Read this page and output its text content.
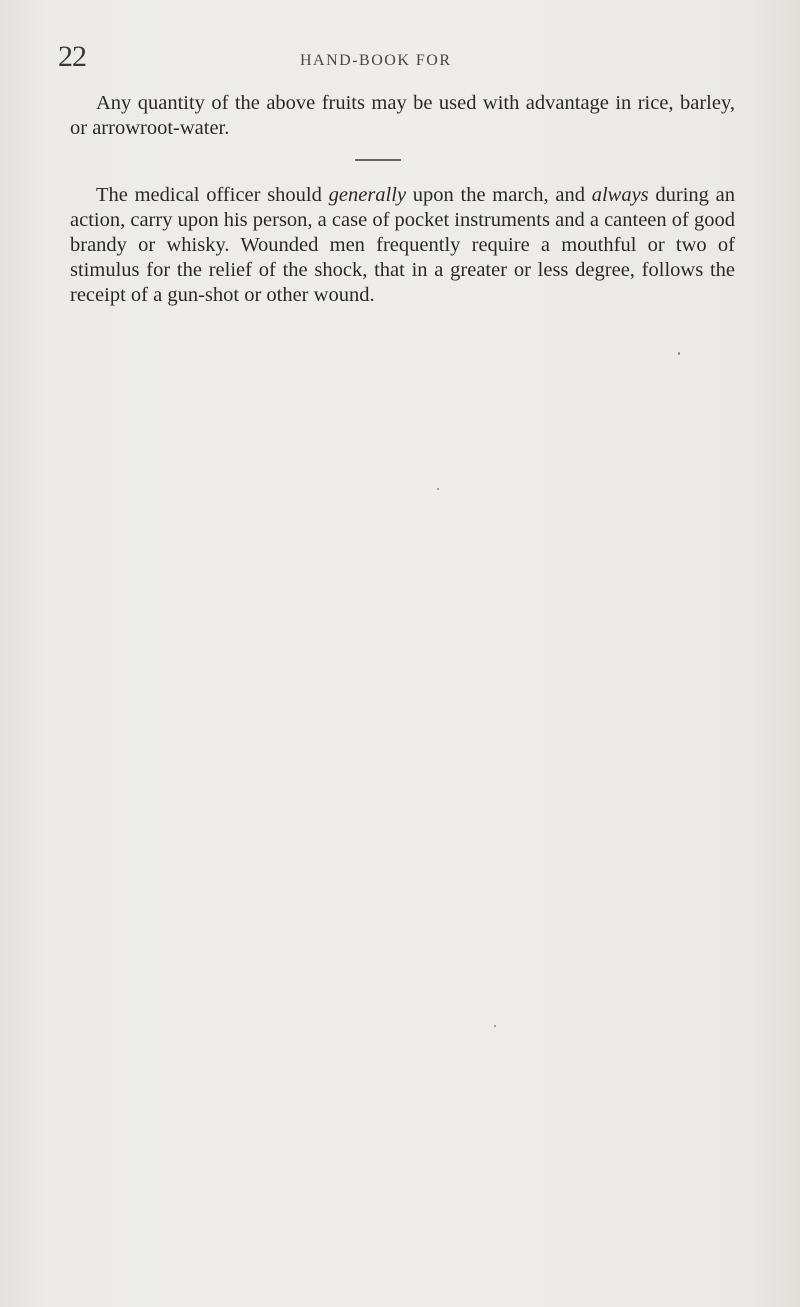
22	HAND-BOOK FOR

Any quantity of the above fruits may be used with advantage in rice, barley, or arrowroot-water.

The medical officer should generally upon the march, and always during an action, carry upon his person, a case of pocket instruments and a canteen of good brandy or whisky. Wounded men frequently require a mouthful or two of stimulus for the relief of the shock, that in a greater or less degree, follows the receipt of a gun-shot or other wound.
